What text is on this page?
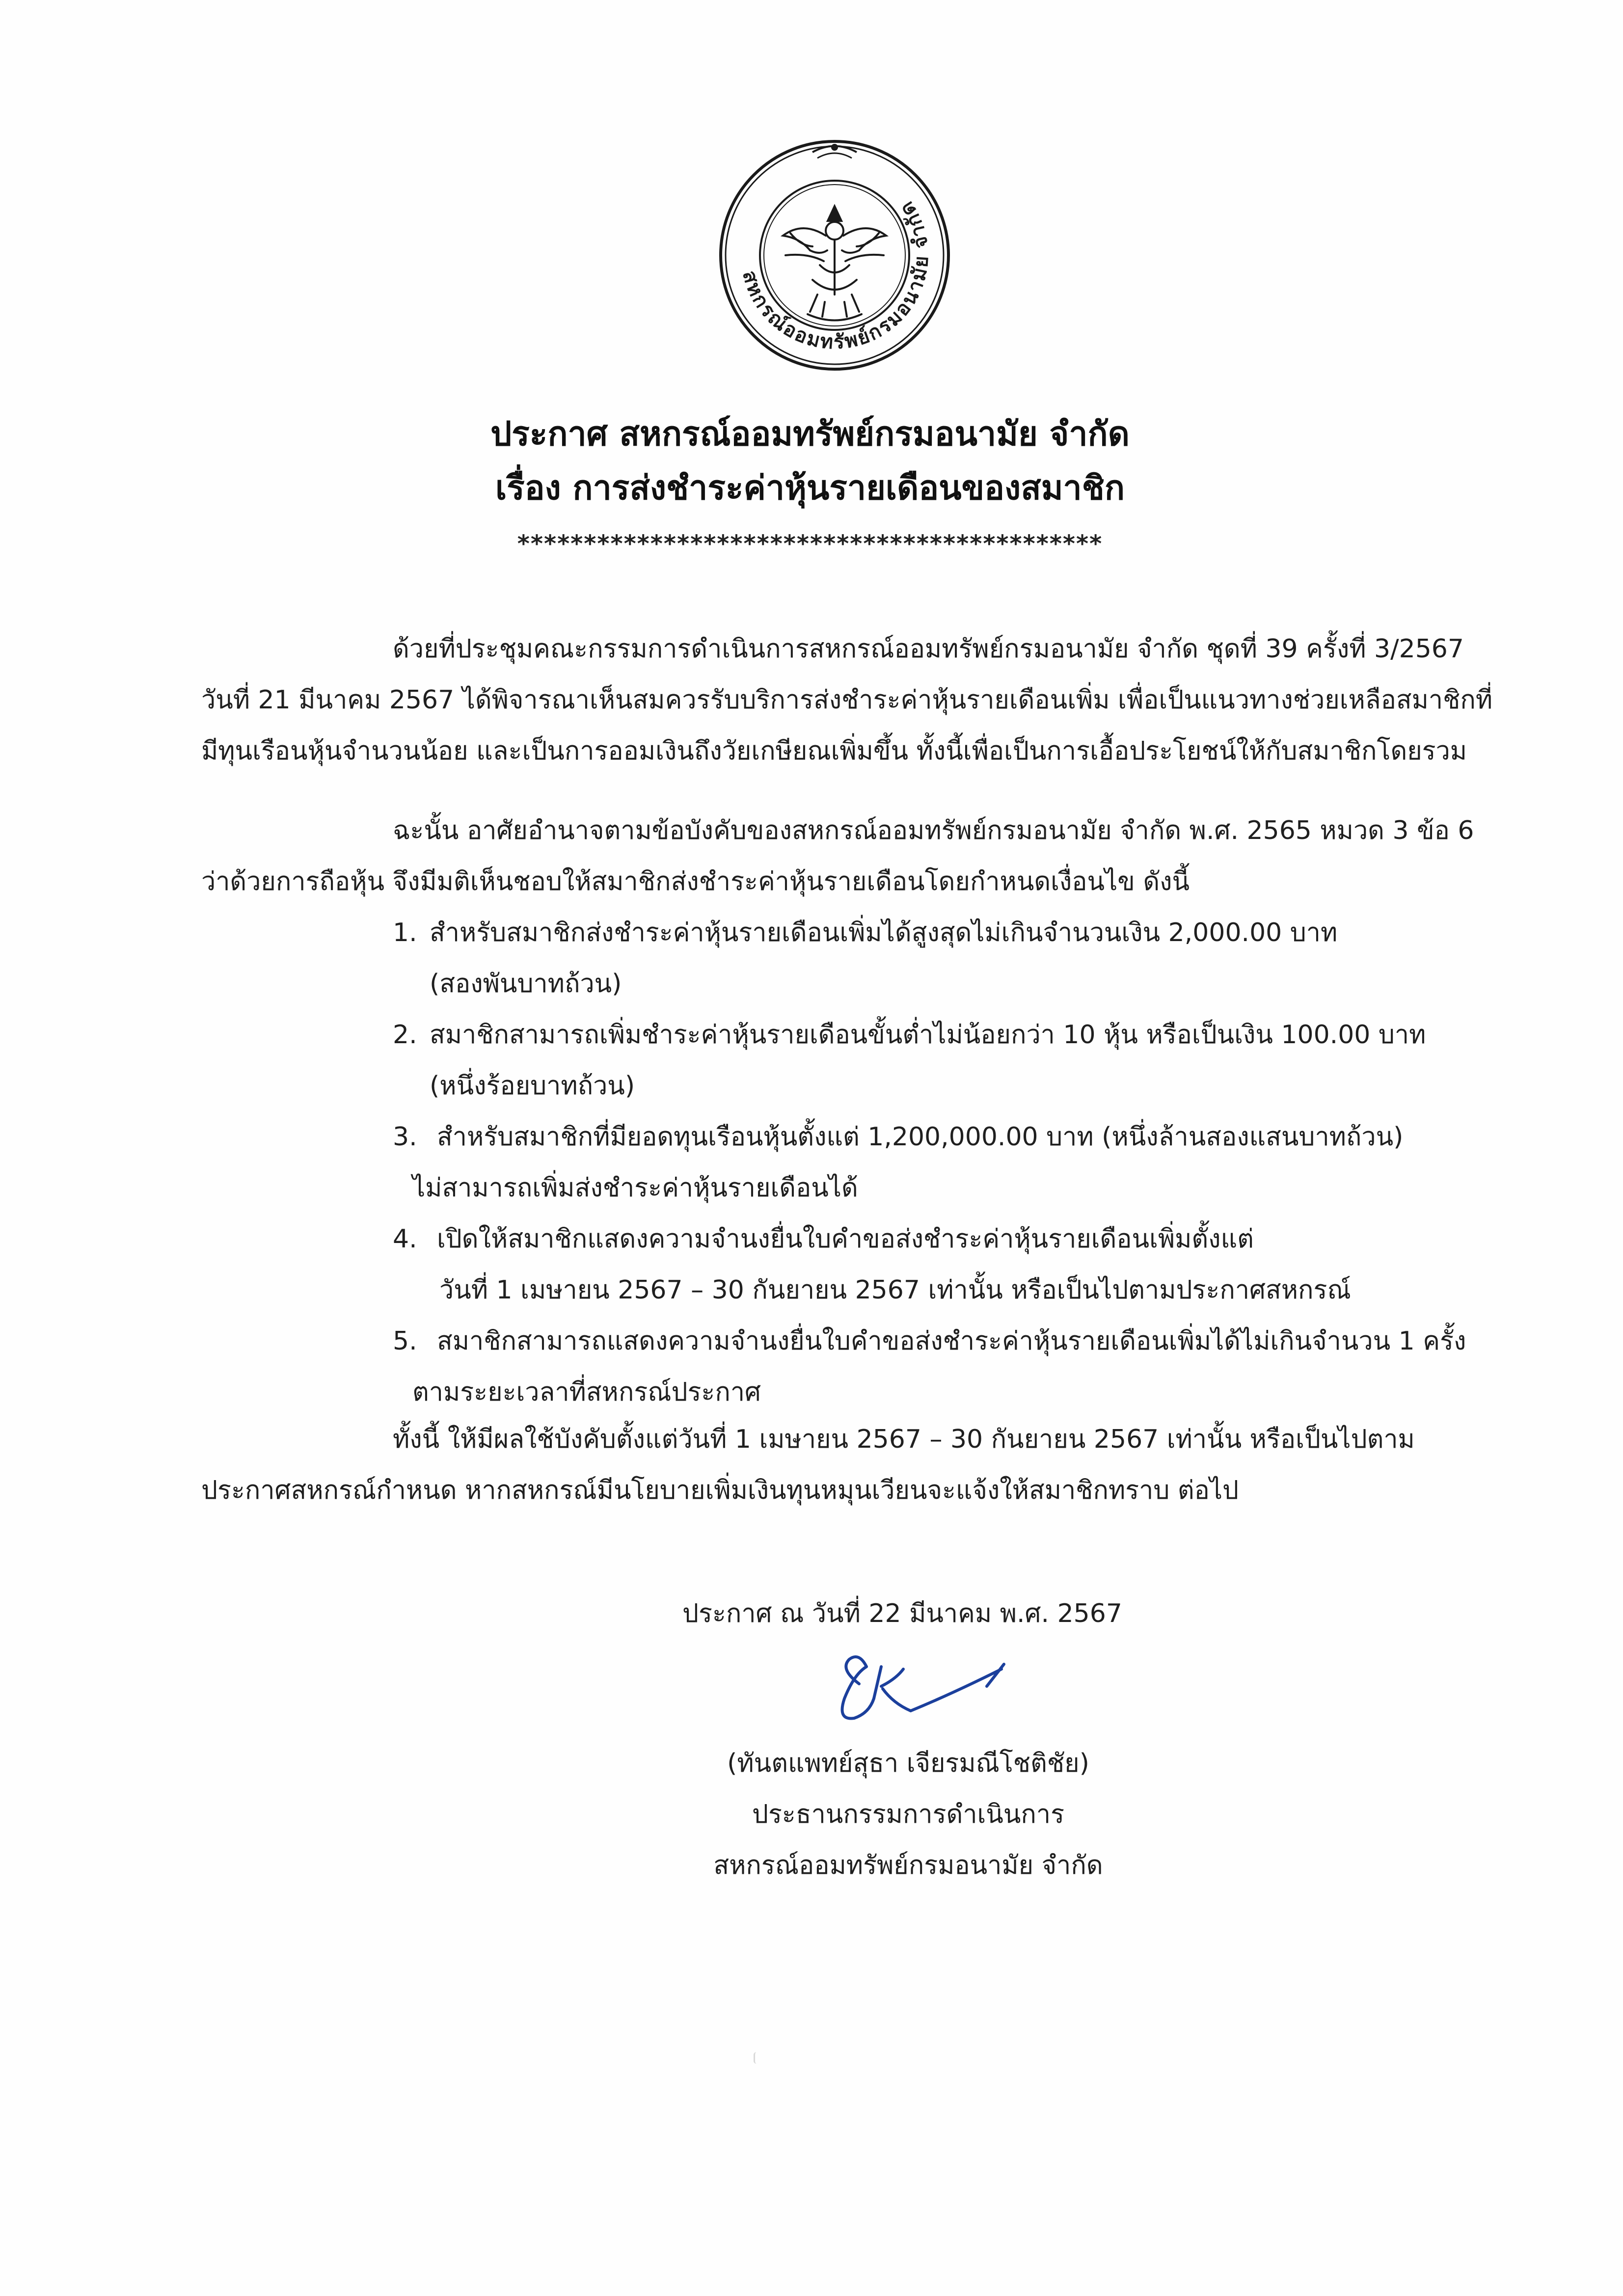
สหกรณ์ออมทรัพย์กรมอนามัย จำกัด
ประกาศ สหกรณ์ออมทรัพย์กรมอนามัย จำกัด
เรื่อง การส่งชำระค่าหุ้นรายเดือนของสมาชิก
********************************************
ด้วยที่ประชุมคณะกรรมการดำเนินการสหกรณ์ออมทรัพย์กรมอนามัย จำกัด ชุดที่ 39 ครั้งที่ 3/2567
วันที่ 21 มีนาคม 2567 ได้พิจารณาเห็นสมควรรับบริการส่งชำระค่าหุ้นรายเดือนเพิ่ม เพื่อเป็นแนวทางช่วยเหลือสมาชิกที่
มีทุนเรือนหุ้นจำนวนน้อย และเป็นการออมเงินถึงวัยเกษียณเพิ่มขึ้น ทั้งนี้เพื่อเป็นการเอื้อประโยชน์ให้กับสมาชิกโดยรวม
ฉะนั้น อาศัยอำนาจตามข้อบังคับของสหกรณ์ออมทรัพย์กรมอนามัย จำกัด พ.ศ. 2565 หมวด 3 ข้อ 6
ว่าด้วยการถือหุ้น จึงมีมติเห็นชอบให้สมาชิกส่งชำระค่าหุ้นรายเดือนโดยกำหนดเงื่อนไข ดังนี้
1. สำหรับสมาชิกส่งชำระค่าหุ้นรายเดือนเพิ่มได้สูงสุดไม่เกินจำนวนเงิน 2,000.00 บาท
(สองพันบาทถ้วน)
2. สมาชิกสามารถเพิ่มชำระค่าหุ้นรายเดือนขั้นต่ำไม่น้อยกว่า 10 หุ้น หรือเป็นเงิน 100.00 บาท
(หนึ่งร้อยบาทถ้วน)
3. สำหรับสมาชิกที่มียอดทุนเรือนหุ้นตั้งแต่ 1,200,000.00 บาท (หนึ่งล้านสองแสนบาทถ้วน)
ไม่สามารถเพิ่มส่งชำระค่าหุ้นรายเดือนได้
4. เปิดให้สมาชิกแสดงความจำนงยื่นใบคำขอส่งชำระค่าหุ้นรายเดือนเพิ่มตั้งแต่
วันที่ 1 เมษายน 2567 – 30 กันยายน 2567 เท่านั้น หรือเป็นไปตามประกาศสหกรณ์
5. สมาชิกสามารถแสดงความจำนงยื่นใบคำขอส่งชำระค่าหุ้นรายเดือนเพิ่มได้ไม่เกินจำนวน 1 ครั้ง
ตามระยะเวลาที่สหกรณ์ประกาศ
ทั้งนี้ ให้มีผลใช้บังคับตั้งแต่วันที่ 1 เมษายน 2567 – 30 กันยายน 2567 เท่านั้น หรือเป็นไปตาม
ประกาศสหกรณ์กำหนด หากสหกรณ์มีนโยบายเพิ่มเงินทุนหมุนเวียนจะแจ้งให้สมาชิกทราบ ต่อไป
ประกาศ ณ วันที่ 22 มีนาคม พ.ศ. 2567
(ทันตแพทย์สุธา เจียรมณีโชติชัย)
ประธานกรรมการดำเนินการ
สหกรณ์ออมทรัพย์กรมอนามัย จำกัด
